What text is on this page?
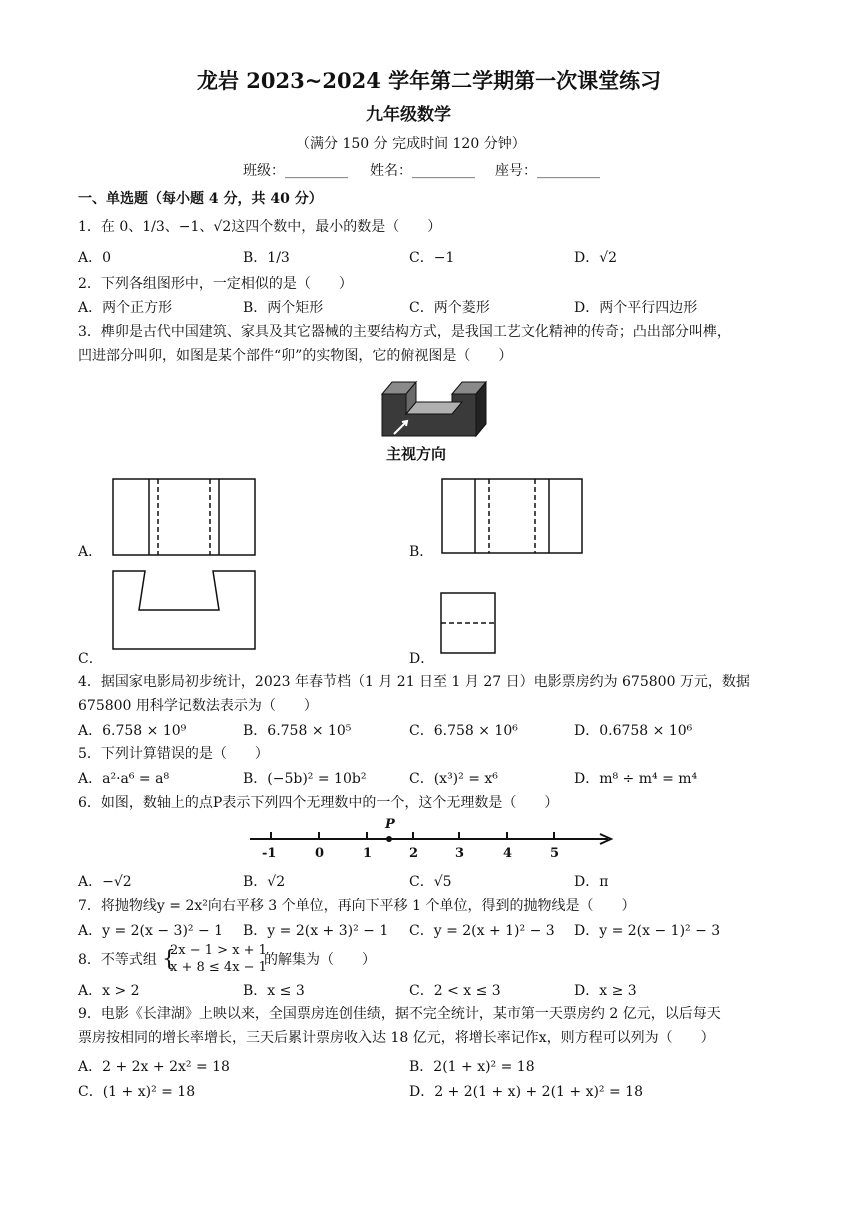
龙岩 2023~2024 学年第二学期第一次课堂练习
九年级数学
（满分 150 分 完成时间 120 分钟）
班级：_________ 姓名：_________ 座号：_________
一、单选题（每小题 4 分，共 40 分）
1．在 0、1/3、−1、√2这四个数中，最小的数是（　　）
A．0	B．1/3	C．−1	D．√2
2．下列各组图形中，一定相似的是（　　）
A．两个正方形	B．两个矩形	C．两个菱形	D．两个平行四边形
3．榫卯是古代中国建筑、家具及其它器械的主要结构方式，是我国工艺文化精神的传奇；凸出部分叫榫，
凹进部分叫卯，如图是某个部件“卯”的实物图，它的俯视图是（　　）
主视方向
A．	B．
C．	D．
4．据国家电影局初步统计，2023 年春节档（1 月 21 日至 1 月 27 日）电影票房约为 675800 万元，数据
675800 用科学记数法表示为（　　）
A．6.758 × 10⁹	B．6.758 × 10⁵	C．6.758 × 10⁶	D．0.6758 × 10⁶
5．下列计算错误的是（　　）
A．a²·a⁶ = a⁸	B．(−5b)² = 10b²	C．(x³)² = x⁶	D．m⁸ ÷ m⁴ = m⁴
6．如图，数轴上的点P表示下列四个无理数中的一个，这个无理数是（　　）
P
-1	0	1	2	3	4	5
A．−√2	B．√2	C．√5	D．π
7．将抛物线y = 2x²向右平移 3 个单位，再向下平移 1 个单位，得到的抛物线是（　　）
A．y = 2(x − 3)² − 1 B．y = 2(x + 3)² − 1 C．y = 2(x + 1)² − 3 D．y = 2(x − 1)² − 3
8．不等式组 {
2x − 1 > x + 1
x + 8 ≤ 4x − 1
的解集为（　　）
A．x > 2	B．x ≤ 3	C．2 < x ≤ 3	D．x ≥ 3
9．电影《长津湖》上映以来，全国票房连创佳绩，据不完全统计，某市第一天票房约 2 亿元，以后每天
票房按相同的增长率增长，三天后累计票房收入达 18 亿元，将增长率记作x，则方程可以列为（　　）
A．2 + 2x + 2x² = 18	B．2(1 + x)² = 18
C．(1 + x)² = 18	D．2 + 2(1 + x) + 2(1 + x)² = 18
